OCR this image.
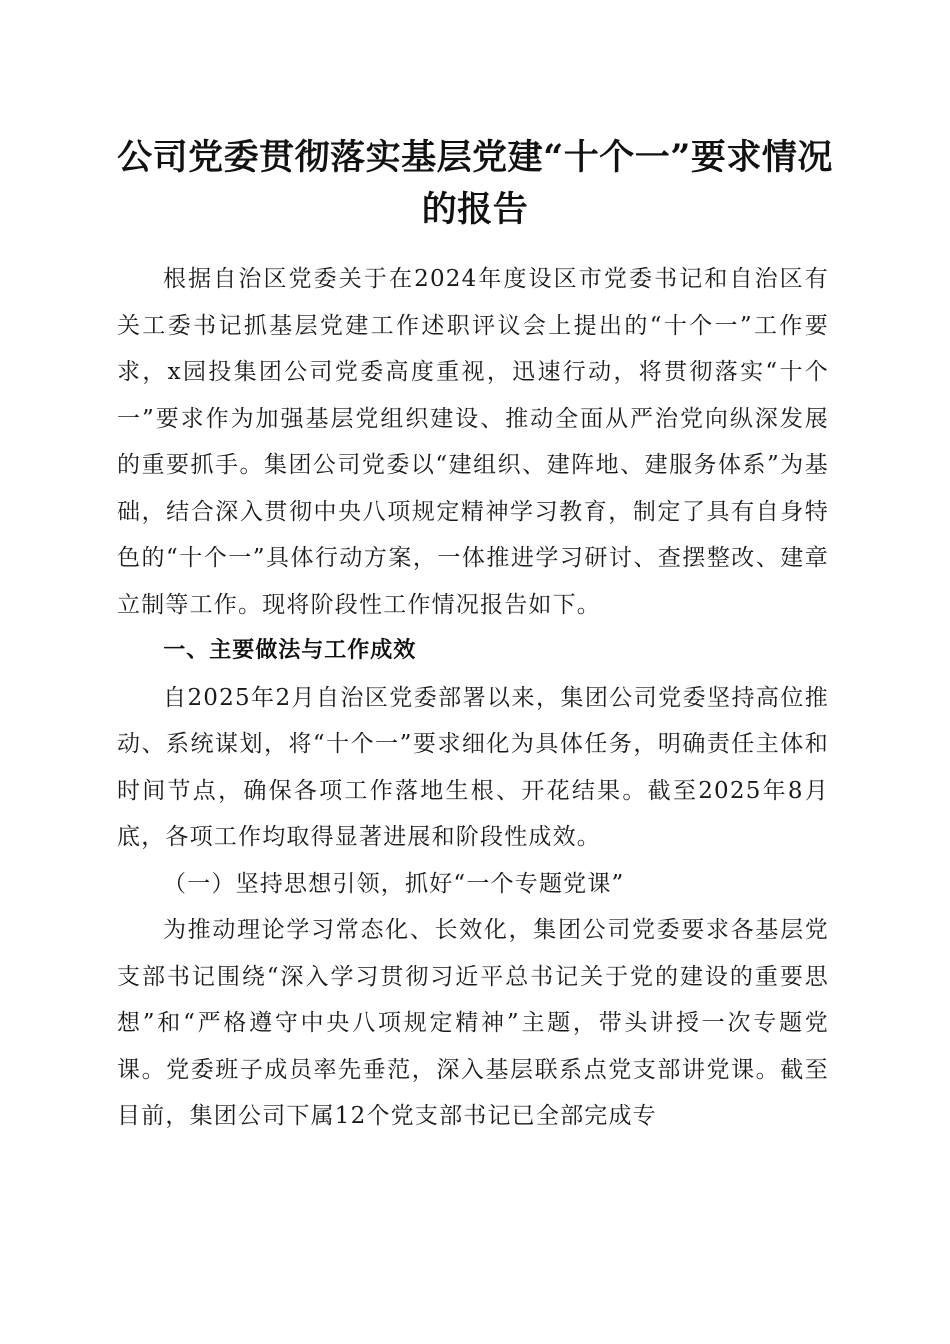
公司党委贯彻落实基层党建“十个一”要求情况的报告

根据自治区党委关于在2024年度设区市党委书记和自治区有关工委书记抓基层党建工作述职评议会上提出的“十个一”工作要求，x园投集团公司党委高度重视，迅速行动，将贯彻落实“十个一”要求作为加强基层党组织建设、推动全面从严治党向纵深发展的重要抓手。集团公司党委以“建组织、建阵地、建服务体系”为基础，结合深入贯彻中央八项规定精神学习教育，制定了具有自身特色的“十个一”具体行动方案，一体推进学习研讨、查摆整改、建章立制等工作。现将阶段性工作情况报告如下。

一、主要做法与工作成效

自2025年2月自治区党委部署以来，集团公司党委坚持高位推动、系统谋划，将“十个一”要求细化为具体任务，明确责任主体和时间节点，确保各项工作落地生根、开花结果。截至2025年8月底，各项工作均取得显著进展和阶段性成效。

（一）坚持思想引领，抓好“一个专题党课”

为推动理论学习常态化、长效化，集团公司党委要求各基层党支部书记围绕“深入学习贯彻习近平总书记关于党的建设的重要思想”和“严格遵守中央八项规定精神”主题，带头讲授一次专题党课。党委班子成员率先垂范，深入基层联系点党支部讲党课。截至目前，集团公司下属12个党支部书记已全部完成专
